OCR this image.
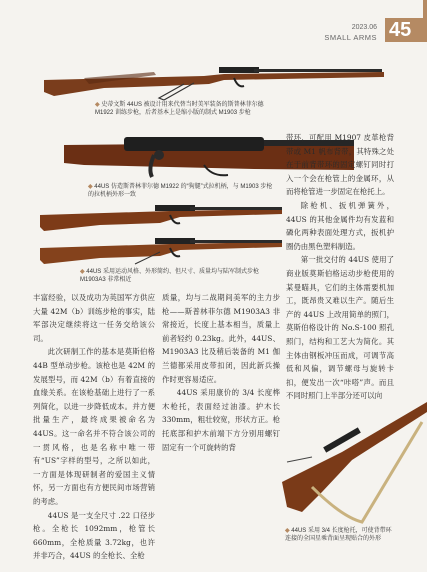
2023.06
SMALL ARMS 45
◆ 史蒂文斯 44US 被设计用来代替当时美军装备的斯普林菲尔德 M1922 训练步枪，后者基本上是缩小版的制式 M1903 步枪
◆ 44US 仿造斯普林菲尔德 M1922 的“狗腿”式拉机柄，与 M1903 步枪的拉机柄外形一致
◆ 44US 采用运动风格、外形简约、但尺寸、质量均与陆军制式步枪 M1903A3 非常相近

带环，可配用 M1907 皮革枪背带或 M1 帆布背带，其特殊之处在于前背带环的固定螺钉同时打入一个会在枪管上的金属环，从而将枪管进一步固定在枪托上。

除枪机、扳机弹簧外，44US 的其他金属件均有发蓝和磷化两种表面处理方式，扳机护圈仍由黑色塑料制造。

第一批交付的 44US 使用了商业版莫斯伯格运动步枪使用的某曼瞄具，它们的主体需要机加工，既昂贵又难以生产。随后生产的 44US 上改用简单的照门，莫斯伯格设计的 No.S-100 照孔照门，结构和工艺大为简化。其主体由钢板冲压而成，可调节高低和风偏，调节螺母与旋转卡扣，便发出一次“咔嗒”声。而且不同时照门上半部分还可以向

丰富经验，以及成功为英国军方供应大量 42M（b）训练步枪的事实，陆军部决定继续将这一任务交给该公司。

此次研制工作的基本是莫斯伯格 44B 型单动步枪。该枪也是 42M 的发展型号，而 42M（b）有着直接的血缘关系。在该枪基础上进行了一系列简化，以进一步降低成本。并方便批量生产，最终成果被命名为 44US。这一命名并不符合该公司的一贯风格，也是名称中唯一带有“US”字样的型号，之所以如此，一方面是体现研制者的爱国主义情怀，另一方面也有方便民间市场营销的考虑。

44US 是一支全尺寸 .22 口径步枪。全枪长 1092mm，枪管长 660mm，全枪质量 3.72kg，也许并非巧合，44US 的全枪长、全枪

质量，均与二战期间美军的主力步枪——斯普林菲尔德 M1903A3 非常接近，长度上基本相当，质量上前者轻约 0.23kg。此外，44US、M1903A3 比及稍后装备的 M1 伽兰德都采用皮带扣闭，因此新兵操作时更容易适应。

44US 采用康价的 3/4 长度桦木枪托，表面经过油漆。护木长 330mm，粗壮较宽，形状方正。枪托底部和护木前端下方分别用螺钉固定有一个可旋转的背

◆ 44US 采用 3/4 长度枪托，可使背带环连接的全国星乘背面呈现贴合的外形
